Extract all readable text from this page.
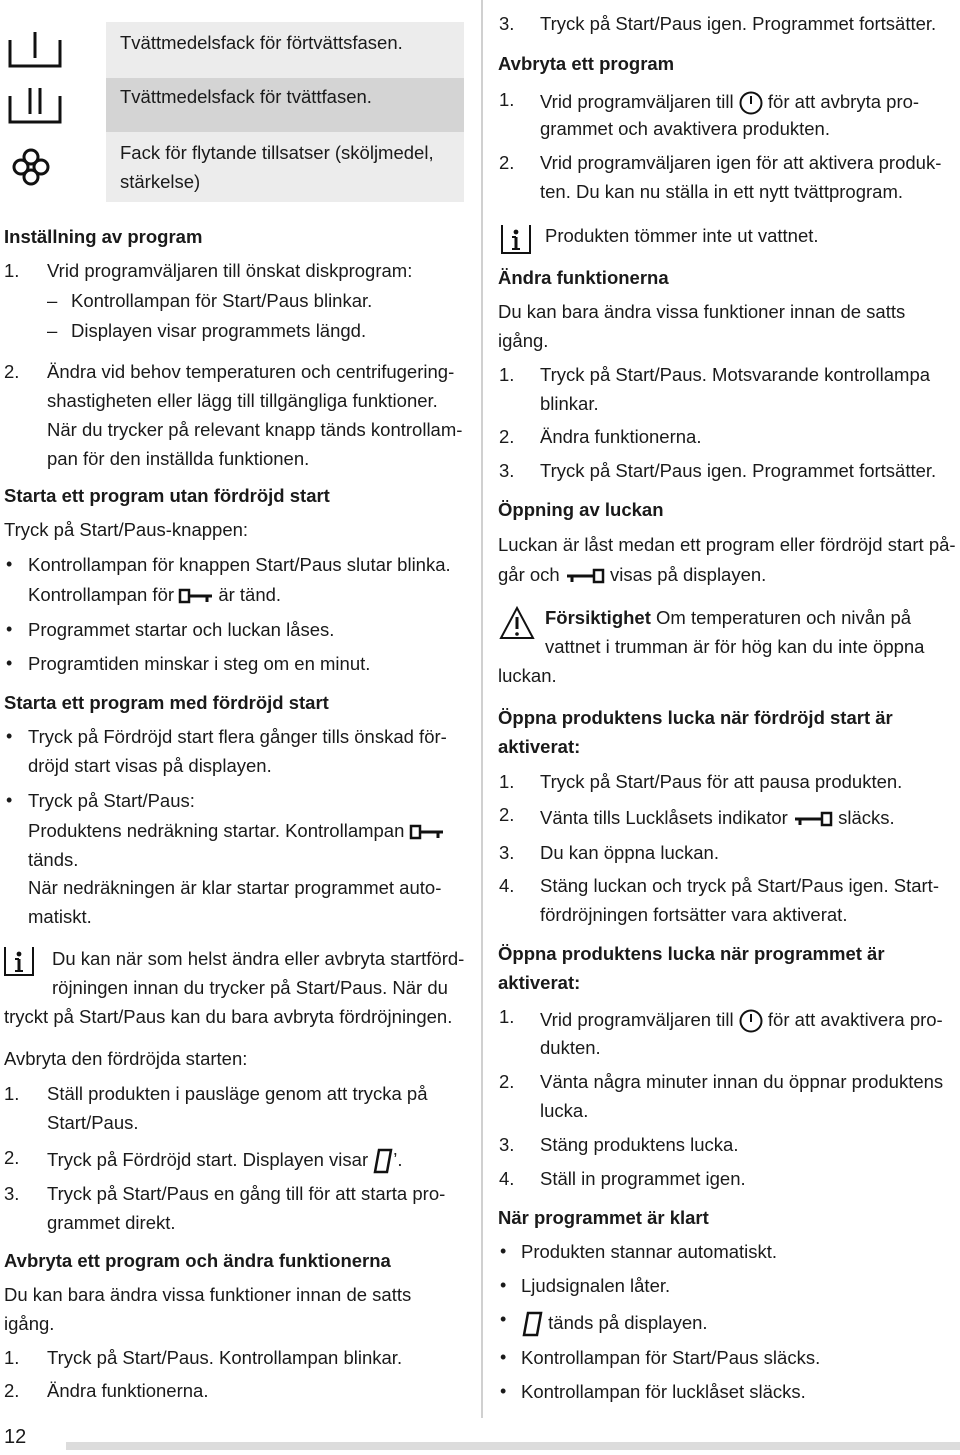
Tvättmedelsfack för förtvättsfasen.
Tvättmedelsfack för tvättfasen.
Fack för flytande tillsatser (sköljmedel,
stärkelse)
Inställning av program
1. Vrid programväljaren till önskat diskprogram:
– Kontrollampan för Start/Paus blinkar.
– Displayen visar programmets längd.
2. Ändra vid behov temperaturen och centrifugering-
shastigheten eller lägg till tillgängliga funktioner.
När du trycker på relevant knapp tänds kontrollam-
pan för den inställda funktionen.
Starta ett program utan fördröjd start
Tryck på Start/Paus-knappen:
• Kontrollampan för knappen Start/Paus slutar blinka.
Kontrollampan för är tänd.
• Programmet startar och luckan låses.
• Programtiden minskar i steg om en minut.
Starta ett program med fördröjd start
• Tryck på Fördröjd start flera gånger tills önskad för-
dröjd start visas på displayen.
• Tryck på Start/Paus:
Produktens nedräkning startar. Kontrollampan
tänds.
När nedräkningen är klar startar programmet auto-
matiskt.
Du kan när som helst ändra eller avbryta startförd-
röjningen innan du trycker på Start/Paus. När du
tryckt på Start/Paus kan du bara avbryta fördröjningen.
Avbryta den fördröjda starten:
1. Ställ produkten i pausläge genom att trycka på
Start/Paus.
2. Tryck på Fördröjd start. Displayen visar ’.
3. Tryck på Start/Paus en gång till för att starta pro-
grammet direkt.
Avbryta ett program och ändra funktionerna
Du kan bara ändra vissa funktioner innan de satts
igång.
1. Tryck på Start/Paus. Kontrollampan blinkar.
2. Ändra funktionerna.
3. Tryck på Start/Paus igen. Programmet fortsätter.
Avbryta ett program
1. Vrid programväljaren till för att avbryta pro-
grammet och avaktivera produkten.
2. Vrid programväljaren igen för att aktivera produk-
ten. Du kan nu ställa in ett nytt tvättprogram.
Produkten tömmer inte ut vattnet.
Ändra funktionerna
Du kan bara ändra vissa funktioner innan de satts
igång.
1. Tryck på Start/Paus. Motsvarande kontrollampa
blinkar.
2. Ändra funktionerna.
3. Tryck på Start/Paus igen. Programmet fortsätter.
Öppning av luckan
Luckan är låst medan ett program eller fördröjd start på-
går och	visas på displayen.
Försiktighet Om temperaturen och nivån på
vattnet i trumman är för hög kan du inte öppna
luckan.
Öppna produktens lucka när fördröjd start är
aktiverat:
1. Tryck på Start/Paus för att pausa produkten.
2. Vänta tills Lucklåsets indikator	släcks.
3. Du kan öppna luckan.
4. Stäng luckan och tryck på Start/Paus igen. Start-
fördröjningen fortsätter vara aktiverat.
Öppna produktens lucka när programmet är
aktiverat:
1. Vrid programväljaren till för att avaktivera pro-
dukten.
2. Vänta några minuter innan du öppnar produktens
lucka.
3. Stäng produktens lucka.
4. Ställ in programmet igen.
När programmet är klart
• Produkten stannar automatiskt.
• Ljudsignalen låter.
•	tänds på displayen.
• Kontrollampan för Start/Paus släcks.
• Kontrollampan för lucklåset släcks.
12
